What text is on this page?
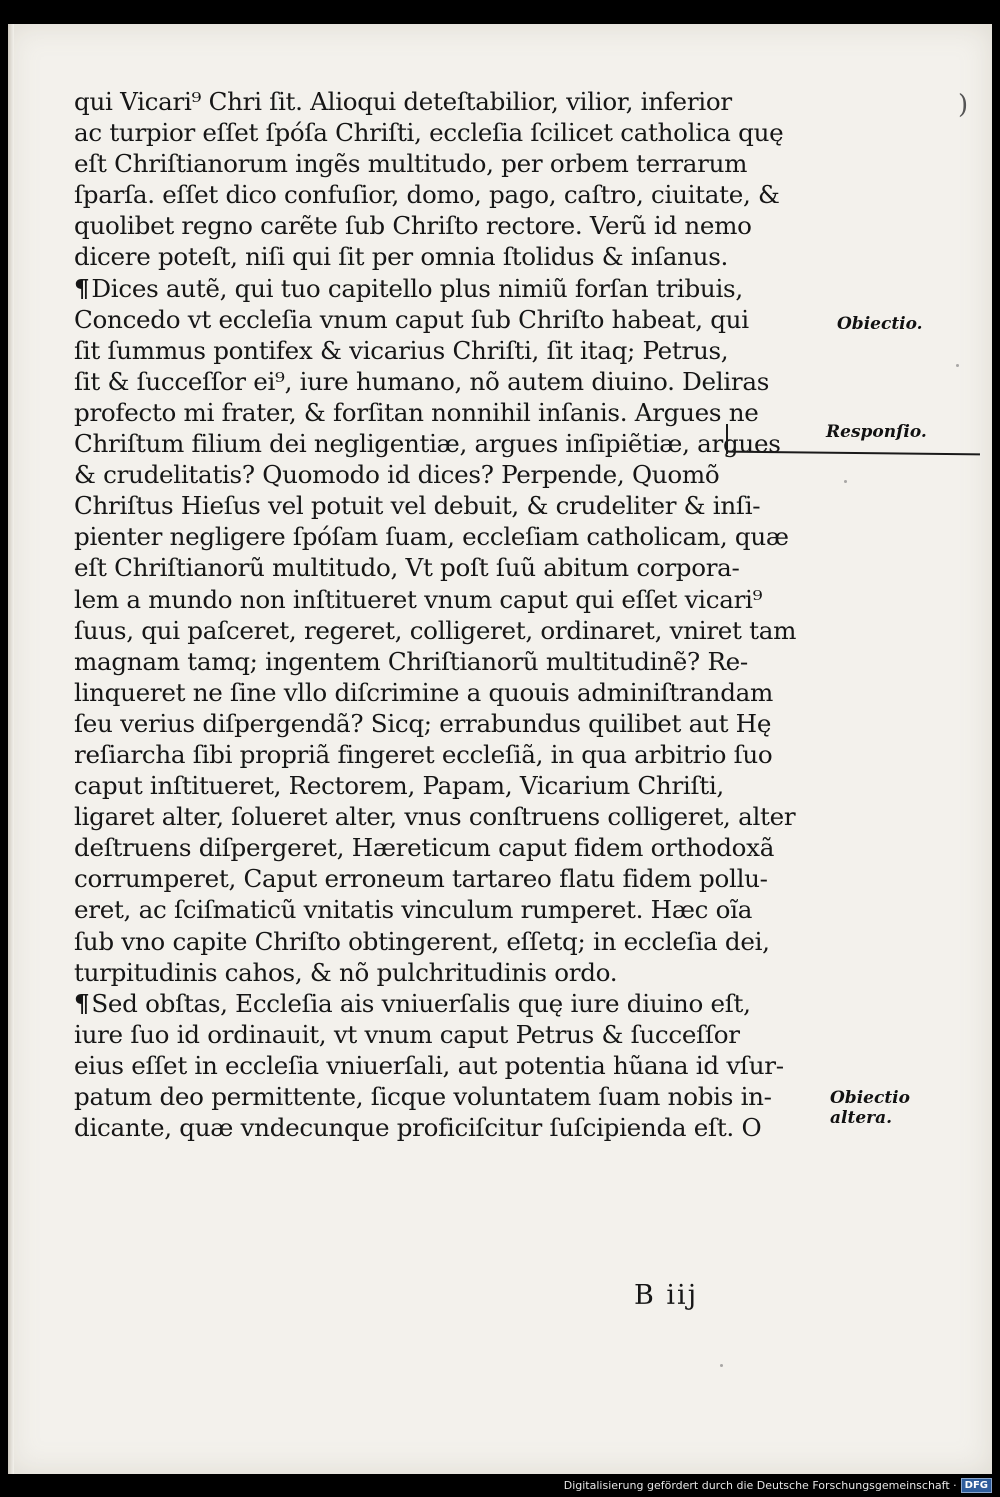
)
qui Vicari⁹ Chri ſit. Alioqui deteſtabilior, vilior, inferior
ac turpior eſſet ſpóſa Chriſti, eccleſia ſcilicet catholica quę
eſt Chriſtianorum ingẽs multitudo, per orbem terrarum
ſparſa. eſſet dico confuſior, domo, pago, caſtro, ciuitate, &
quolibet regno carẽte ſub Chriſto rectore. Verũ id nemo
dicere poteſt, niſi qui ſit per omnia ſtolidus & inſanus.
¶Dices autẽ, qui tuo capitello plus nimiũ forſan tribuis,
Concedo vt eccleſia vnum caput ſub Chriſto habeat, qui
ſit ſummus pontifex & vicarius Chriſti, ſit itaq; Petrus,
ſit & ſucceſſor ei⁹, iure humano, nõ autem diuino. Deliras
profecto mi frater, & forſitan nonnihil inſanis. Argues ne
Chriſtum filium dei negligentiæ, argues inſipiẽtiæ, argues
& crudelitatis? Quomodo id dices? Perpende, Quomõ
Chriſtus Hieſus vel potuit vel debuit, & crudeliter & inſi-
pienter negligere ſpóſam ſuam, eccleſiam catholicam, quæ
eſt Chriſtianorũ multitudo, Vt poſt ſuũ abitum corpora-
lem a mundo non inſtitueret vnum caput qui eſſet vicari⁹
ſuus, qui paſceret, regeret, colligeret, ordinaret, vniret tam
magnam tamq; ingentem Chriſtianorũ multitudinẽ? Re-
linqueret ne ſine vllo diſcrimine a quouis adminiſtrandam
ſeu verius diſpergendã? Sicq; errabundus quilibet aut Hę
reſiarcha ſibi propriã fingeret eccleſiã, in qua arbitrio ſuo
caput inſtitueret, Rectorem, Papam, Vicarium Chriſti,
ligaret alter, ſolueret alter, vnus conſtruens colligeret, alter
deſtruens diſpergeret, Hæreticum caput fidem orthodoxã
corrumperet, Caput erroneum tartareo flatu fidem pollu-
eret, ac ſciſmaticũ vnitatis vinculum rumperet. Hæc oĩa
ſub vno capite Chriſto obtingerent, eſſetq; in eccleſia dei,
turpitudinis cahos, & nõ pulchritudinis ordo.
¶Sed obſtas, Eccleſia ais vniuerſalis quę iure diuino eſt,
iure ſuo id ordinauit, vt vnum caput Petrus & ſucceſſor
eius eſſet in eccleſia vniuerſali, aut potentia hũana id vſur-
patum deo permittente, ſicque voluntatem ſuam nobis in-
dicante, quæ vndecunque proficiſcitur ſuſcipienda eſt. O
Obiectio.
Responſio.
Obiectio
altera.
B iij
Digitalisierung gefördert durch die Deutsche Forschungsgemeinschaft · DFG
